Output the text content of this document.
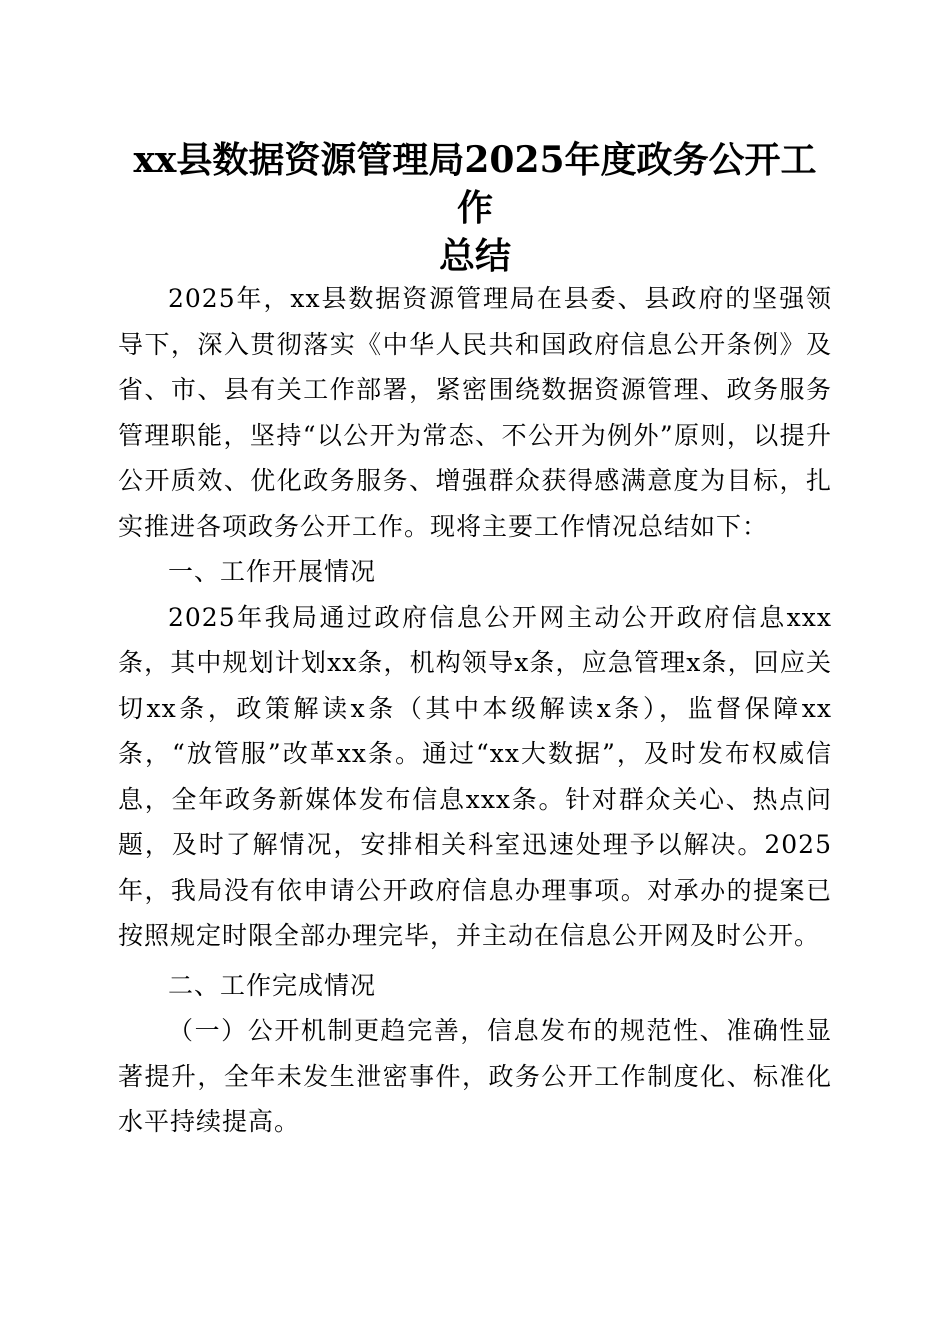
xx县数据资源管理局2025年度政务公开工作
总结

2025年，xx县数据资源管理局在县委、县政府的坚强领导下，深入贯彻落实《中华人民共和国政府信息公开条例》及省、市、县有关工作部署，紧密围绕数据资源管理、政务服务管理职能，坚持“以公开为常态、不公开为例外”原则，以提升公开质效、优化政务服务、增强群众获得感满意度为目标，扎实推进各项政务公开工作。现将主要工作情况总结如下：

一、工作开展情况

2025年我局通过政府信息公开网主动公开政府信息xxx条，其中规划计划xx条，机构领导x条，应急管理x条，回应关切xx条，政策解读x条（其中本级解读x条），监督保障xx条，“放管服”改革xx条。通过“xx大数据”，及时发布权威信息，全年政务新媒体发布信息xxx条。针对群众关心、热点问题，及时了解情况，安排相关科室迅速处理予以解决。2025年，我局没有依申请公开政府信息办理事项。对承办的提案已按照规定时限全部办理完毕，并主动在信息公开网及时公开。

二、工作完成情况

（一）公开机制更趋完善，信息发布的规范性、准确性显著提升，全年未发生泄密事件，政务公开工作制度化、标准化水平持续提高。
